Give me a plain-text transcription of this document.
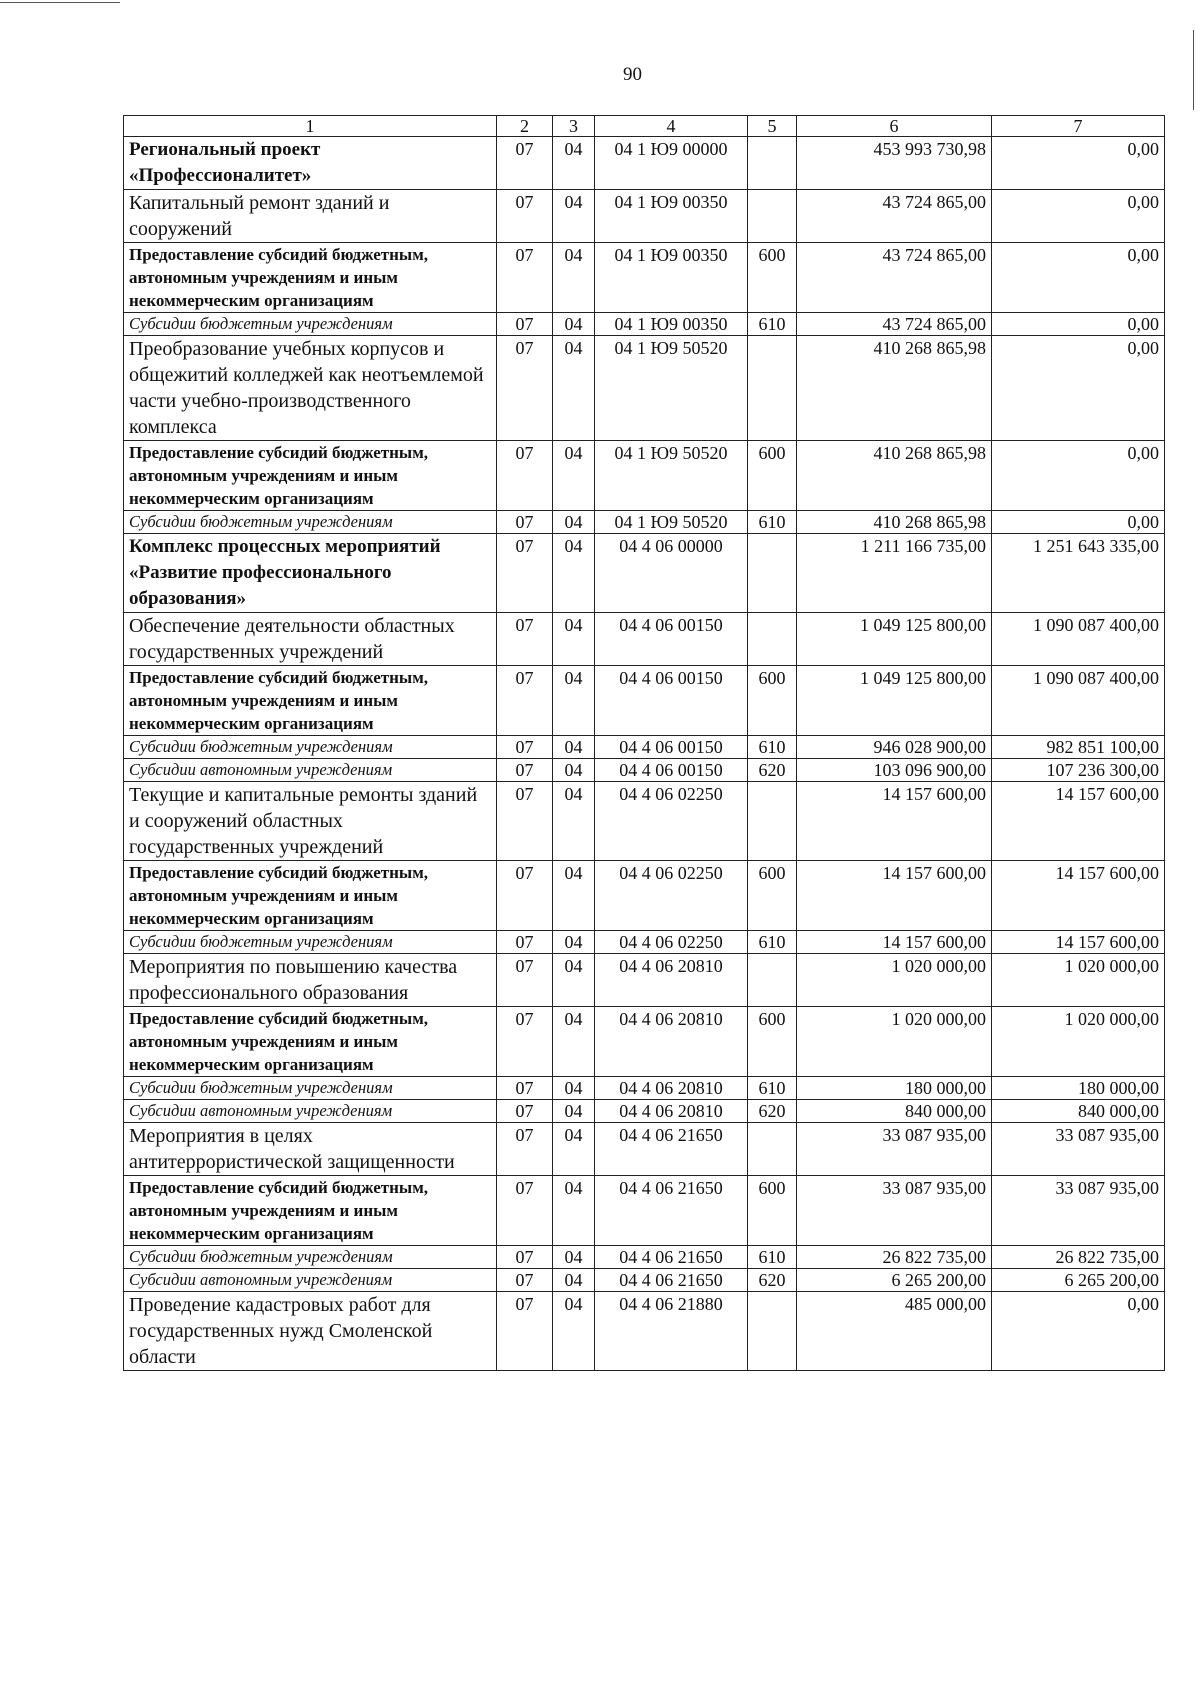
90
1	2	3	4	5	6	7
Региональный проект «Профессионалитет»	07	04	04 1 Ю9 00000		453 993 730,98	0,00
Капитальный ремонт зданий и сооружений	07	04	04 1 Ю9 00350		43 724 865,00	0,00
Предоставление субсидий бюджетным, автономным учреждениям и иным некоммерческим организациям	07	04	04 1 Ю9 00350	600	43 724 865,00	0,00
Субсидии бюджетным учреждениям	07	04	04 1 Ю9 00350	610	43 724 865,00	0,00
Преобразование учебных корпусов и общежитий колледжей как неотъемлемой части учебно-производственного комплекса	07	04	04 1 Ю9 50520		410 268 865,98	0,00
Предоставление субсидий бюджетным, автономным учреждениям и иным некоммерческим организациям	07	04	04 1 Ю9 50520	600	410 268 865,98	0,00
Субсидии бюджетным учреждениям	07	04	04 1 Ю9 50520	610	410 268 865,98	0,00
Комплекс процессных мероприятий «Развитие профессионального образования»	07	04	04 4 06 00000		1 211 166 735,00	1 251 643 335,00
Обеспечение деятельности областных государственных учреждений	07	04	04 4 06 00150		1 049 125 800,00	1 090 087 400,00
Предоставление субсидий бюджетным, автономным учреждениям и иным некоммерческим организациям	07	04	04 4 06 00150	600	1 049 125 800,00	1 090 087 400,00
Субсидии бюджетным учреждениям	07	04	04 4 06 00150	610	946 028 900,00	982 851 100,00
Субсидии автономным учреждениям	07	04	04 4 06 00150	620	103 096 900,00	107 236 300,00
Текущие и капитальные ремонты зданий и сооружений областных государственных учреждений	07	04	04 4 06 02250		14 157 600,00	14 157 600,00
Предоставление субсидий бюджетным, автономным учреждениям и иным некоммерческим организациям	07	04	04 4 06 02250	600	14 157 600,00	14 157 600,00
Субсидии бюджетным учреждениям	07	04	04 4 06 02250	610	14 157 600,00	14 157 600,00
Мероприятия по повышению качества профессионального образования	07	04	04 4 06 20810		1 020 000,00	1 020 000,00
Предоставление субсидий бюджетным, автономным учреждениям и иным некоммерческим организациям	07	04	04 4 06 20810	600	1 020 000,00	1 020 000,00
Субсидии бюджетным учреждениям	07	04	04 4 06 20810	610	180 000,00	180 000,00
Субсидии автономным учреждениям	07	04	04 4 06 20810	620	840 000,00	840 000,00
Мероприятия в целях антитеррористической защищенности	07	04	04 4 06 21650		33 087 935,00	33 087 935,00
Предоставление субсидий бюджетным, автономным учреждениям и иным некоммерческим организациям	07	04	04 4 06 21650	600	33 087 935,00	33 087 935,00
Субсидии бюджетным учреждениям	07	04	04 4 06 21650	610	26 822 735,00	26 822 735,00
Субсидии автономным учреждениям	07	04	04 4 06 21650	620	6 265 200,00	6 265 200,00
Проведение кадастровых работ для государственных нужд Смоленской области	07	04	04 4 06 21880		485 000,00	0,00
